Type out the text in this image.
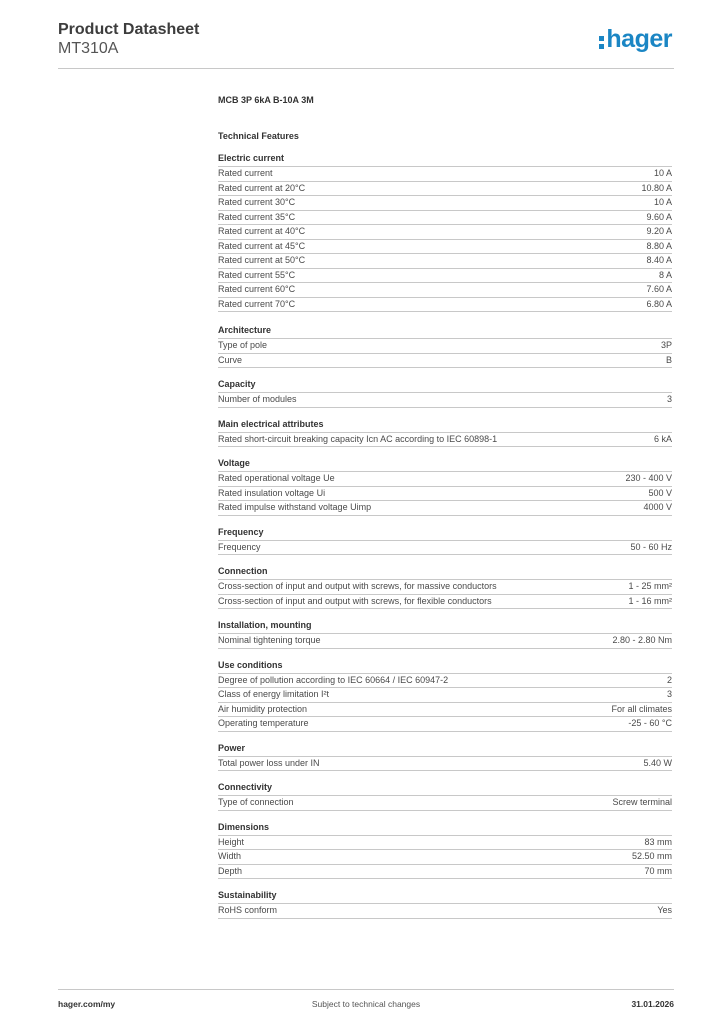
Product Datasheet
MT310A	hager
MCB 3P 6kA B-10A 3M
Technical Features
Electric current
Rated current	10 A
Rated current at 20°C	10.80 A
Rated current 30°C	10 A
Rated current 35°C	9.60 A
Rated current at 40°C	9.20 A
Rated current at 45°C	8.80 A
Rated current at 50°C	8.40 A
Rated current 55°C	8 A
Rated current 60°C	7.60 A
Rated current 70°C	6.80 A
Architecture
Type of pole	3P
Curve	B
Capacity
Number of modules	3
Main electrical attributes
Rated short-circuit breaking capacity Icn AC according to IEC 60898-1	6 kA
Voltage
Rated operational voltage Ue	230 - 400 V
Rated insulation voltage Ui	500 V
Rated impulse withstand voltage Uimp	4000 V
Frequency
Frequency	50 - 60 Hz
Connection
Cross-section of input and output with screws, for massive conductors	1 - 25 mm²
Cross-section of input and output with screws, for flexible conductors	1 - 16 mm²
Installation, mounting
Nominal tightening torque	2.80 - 2.80 Nm
Use conditions
Degree of pollution according to IEC 60664 / IEC 60947-2	2
Class of energy limitation I²t	3
Air humidity protection	For all climates
Operating temperature	-25 - 60 °C
Power
Total power loss under IN	5.40 W
Connectivity
Type of connection	Screw terminal
Dimensions
Height	83 mm
Width	52.50 mm
Depth	70 mm
Sustainability
RoHS conform	Yes
hager.com/my	Subject to technical changes	31.01.2026
